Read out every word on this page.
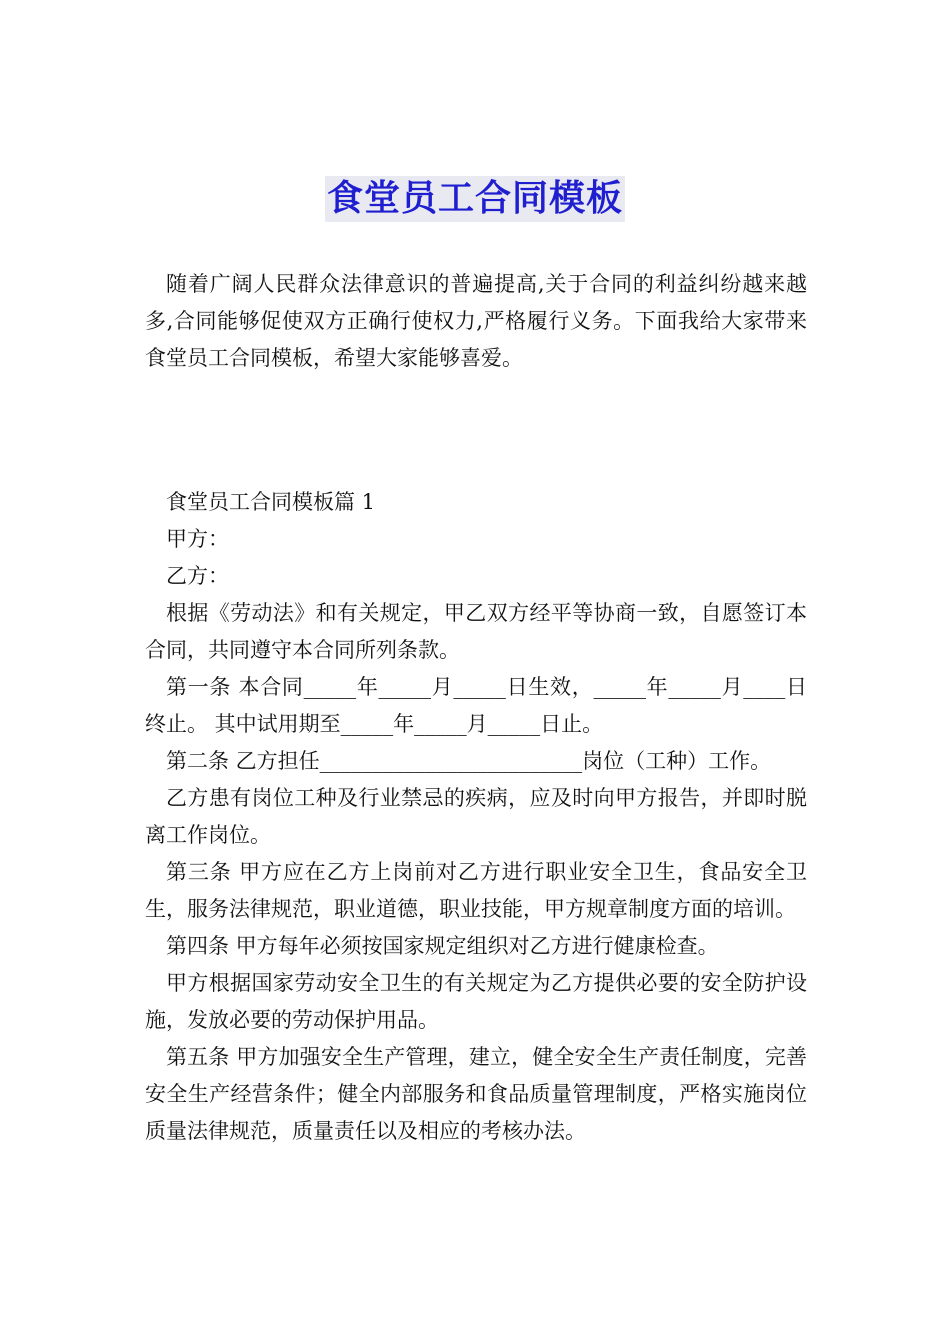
食堂员工合同模板

随着广阔人民群众法律意识的普遍提高,关于合同的利益纠纷越来越多,合同能够促使双方正确行使权力,严格履行义务。下面我给大家带来食堂员工合同模板，希望大家能够喜爱。

食堂员工合同模板篇 1

甲方：

乙方：

根据《劳动法》和有关规定，甲乙双方经平等协商一致，自愿签订本合同，共同遵守本合同所列条款。

第一条 本合同_____年_____月_____日生效，_____年_____月____日终止。 其中试用期至_____年_____月_____日止。

第二条 乙方担任_________________________岗位（工种）工作。

乙方患有岗位工种及行业禁忌的疾病，应及时向甲方报告，并即时脱离工作岗位。

第三条 甲方应在乙方上岗前对乙方进行职业安全卫生，食品安全卫生，服务法律规范，职业道德，职业技能，甲方规章制度方面的培训。

第四条 甲方每年必须按国家规定组织对乙方进行健康检查。

甲方根据国家劳动安全卫生的有关规定为乙方提供必要的安全防护设施，发放必要的劳动保护用品。

第五条 甲方加强安全生产管理，建立，健全安全生产责任制度，完善安全生产经营条件；健全内部服务和食品质量管理制度，严格实施岗位质量法律规范，质量责任以及相应的考核办法。
